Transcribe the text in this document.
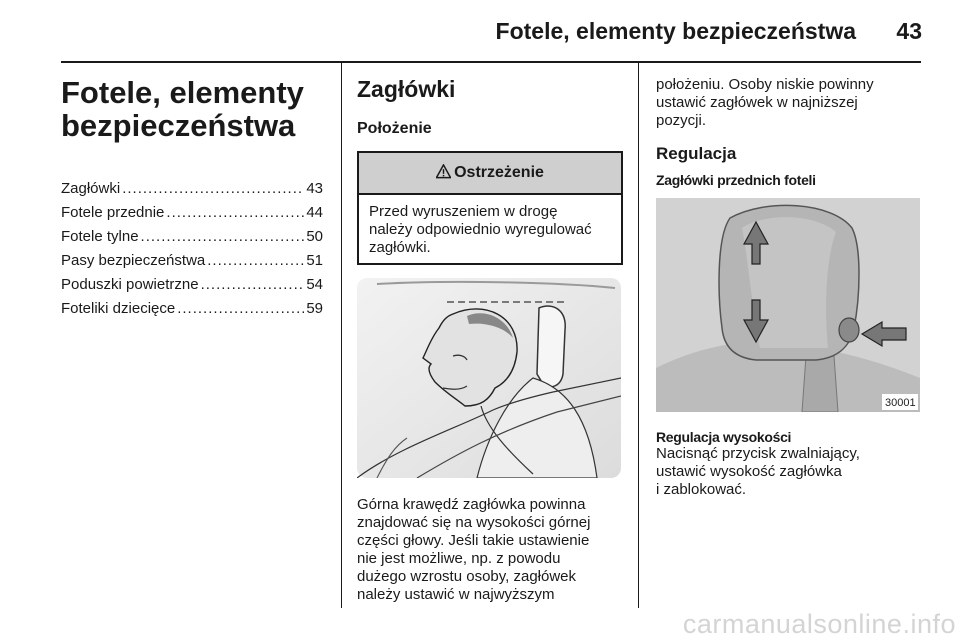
Fotele, elementy bezpieczeństwa 43
Fotele, elementy
bezpieczeństwa
Zagłówki .....	43
Fotele przednie .....	44
Fotele tylne .....	50
Pasy bezpieczeństwa .....	51
Poduszki powietrzne .....	54
Foteliki dziecięce .....	59
Zagłówki
Położenie
Ostrzeżenie
Przed wyruszeniem w drogę
należy odpowiednio wyregulować
zagłówki.

Górna krawędź zagłówka powinna
znajdować się na wysokości górnej
części głowy. Jeśli takie ustawienie
nie jest możliwe, np. z powodu
dużego wzrostu osoby, zagłówek
należy ustawić w najwyższym

położeniu. Osoby niskie powinny
ustawić zagłówek w najniższej
pozycji.

Regulacja
Zagłówki przednich foteli
30001

Regulacja wysokości

Nacisnąć przycisk zwalniający,
ustawić wysokość zagłówka
i zablokować.

carmanualsonline.info
